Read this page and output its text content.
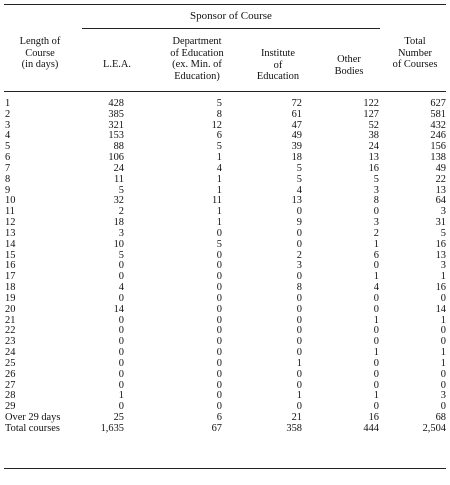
Sponsor of Course
Length of
Course
(in days)	L.E.A.
Department
of Education
(ex. Min. of
Education)
Institute
of
Education
Other
Bodies
Total
Number
of Courses
1	428	5	72	122	627
2	385	8	61	127	581
3	321	12	47	52	432
4	153	6	49	38	246
5	88	5	39	24	156
6	106	1	18	13	138
7	24	4	5	16	49
8	11	1	5	5	22
9	5	1	4	3	13
10	32	11	13	8	64
11	2	1	0	0	3
12	18	1	9	3	31
13	3	0	0	2	5
14	10	5	0	1	16
15	5	0	2	6	13
16	0	0	3	0	3
17	0	0	0	1	1
18	4	0	8	4	16
19	0	0	0	0	0
20	14	0	0	0	14
21	0	0	0	1	1
22	0	0	0	0	0
23	0	0	0	0	0
24	0	0	0	1	1
25	0	0	1	0	1
26	0	0	0	0	0
27	0	0	0	0	0
28	1	0	1	1	3
29	0	0	0	0	0
Over 29 days	25	6	21	16	68
Total courses	1,635	67	358	444	2,504
